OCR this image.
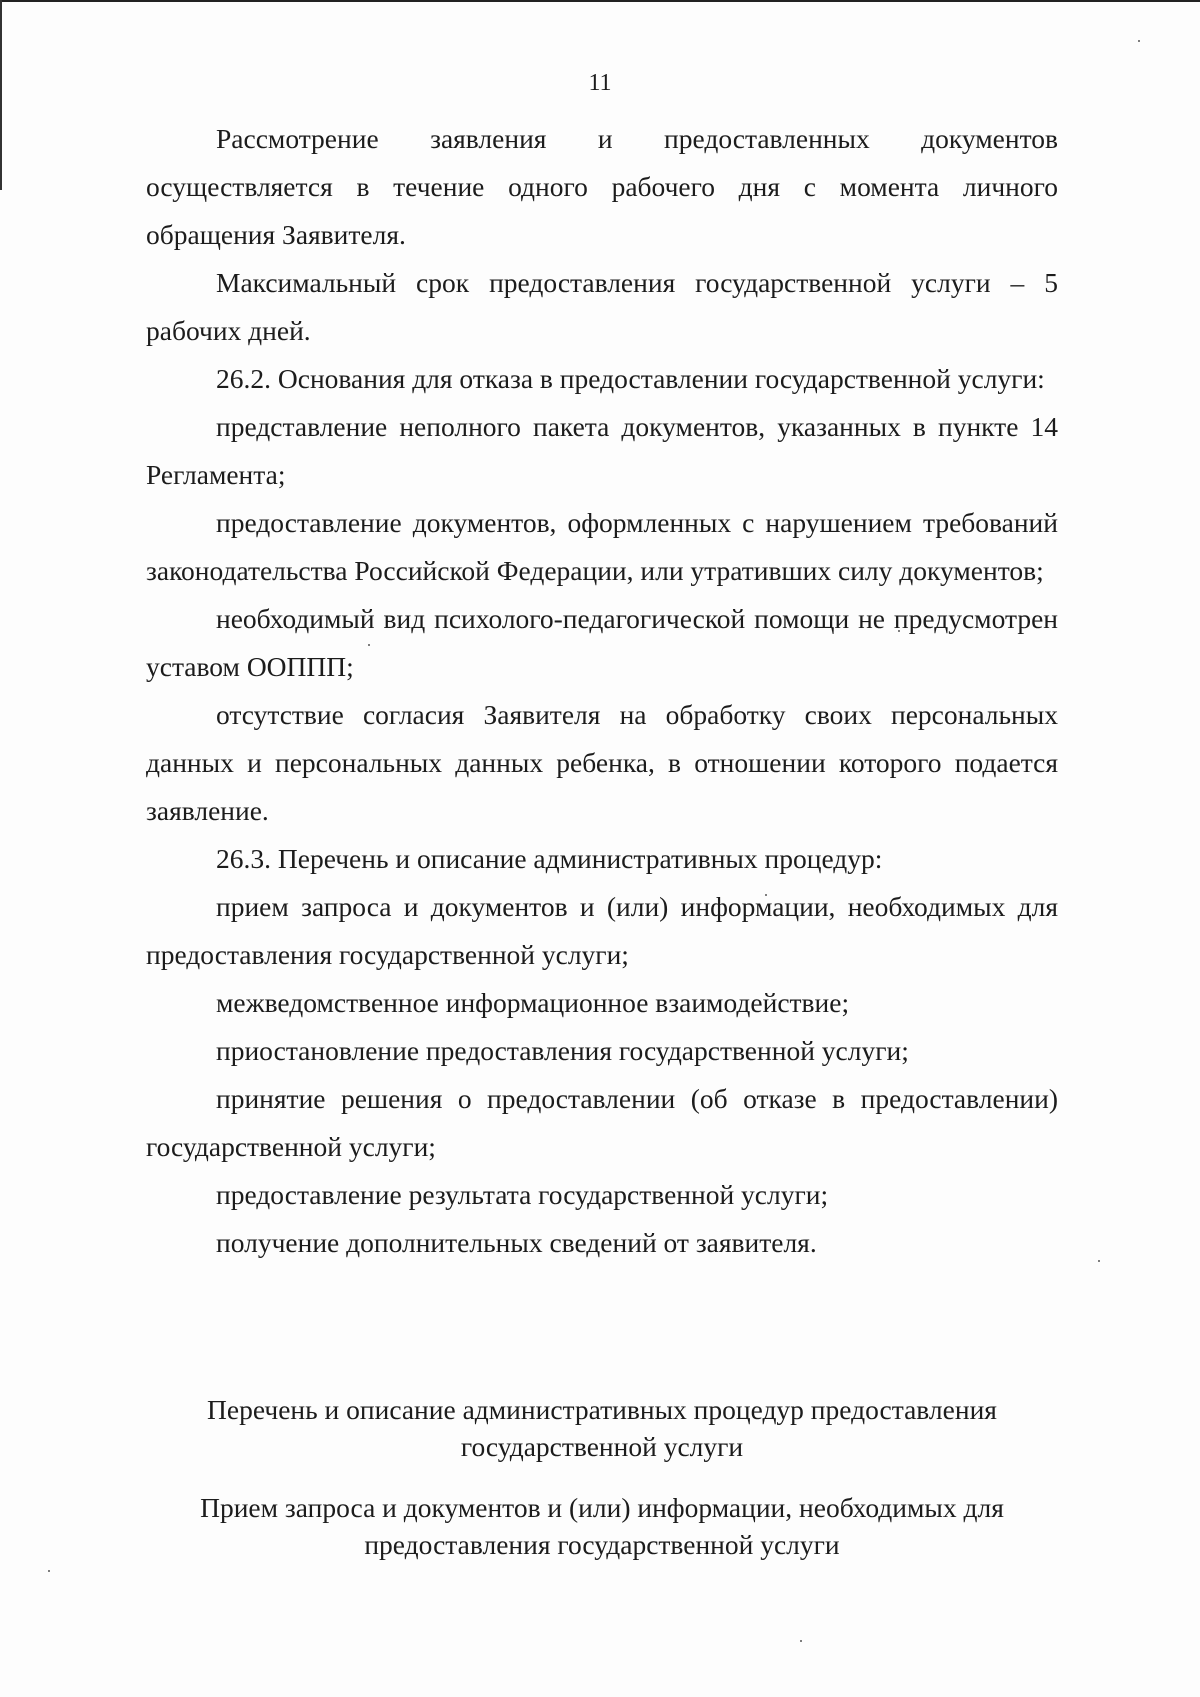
11

Рассмотрение заявления и предоставленных документов осуществляется в течение одного рабочего дня с момента личного обращения Заявителя.

Максимальный срок предоставления государственной услуги – 5 рабочих дней.

26.2. Основания для отказа в предоставлении государственной услуги:

представление неполного пакета документов, указанных в пункте 14 Регламента;

предоставление документов, оформленных с нарушением требований законодательства Российской Федерации, или утративших силу документов;

необходимый вид психолого-педагогической помощи не предусмотрен уставом ООППП;

отсутствие согласия Заявителя на обработку своих персональных данных и персональных данных ребенка, в отношении которого подается заявление.

26.3. Перечень и описание административных процедур:

прием запроса и документов и (или) информации, необходимых для предоставления государственной услуги;

межведомственное информационное взаимодействие;

приостановление предоставления государственной услуги;

принятие решения о предоставлении (об отказе в предоставлении) государственной услуги;

предоставление результата государственной услуги;

получение дополнительных сведений от заявителя.

Перечень и описание административных процедур предоставления
государственной услуги
Прием запроса и документов и (или) информации, необходимых для
предоставления государственной услуги
